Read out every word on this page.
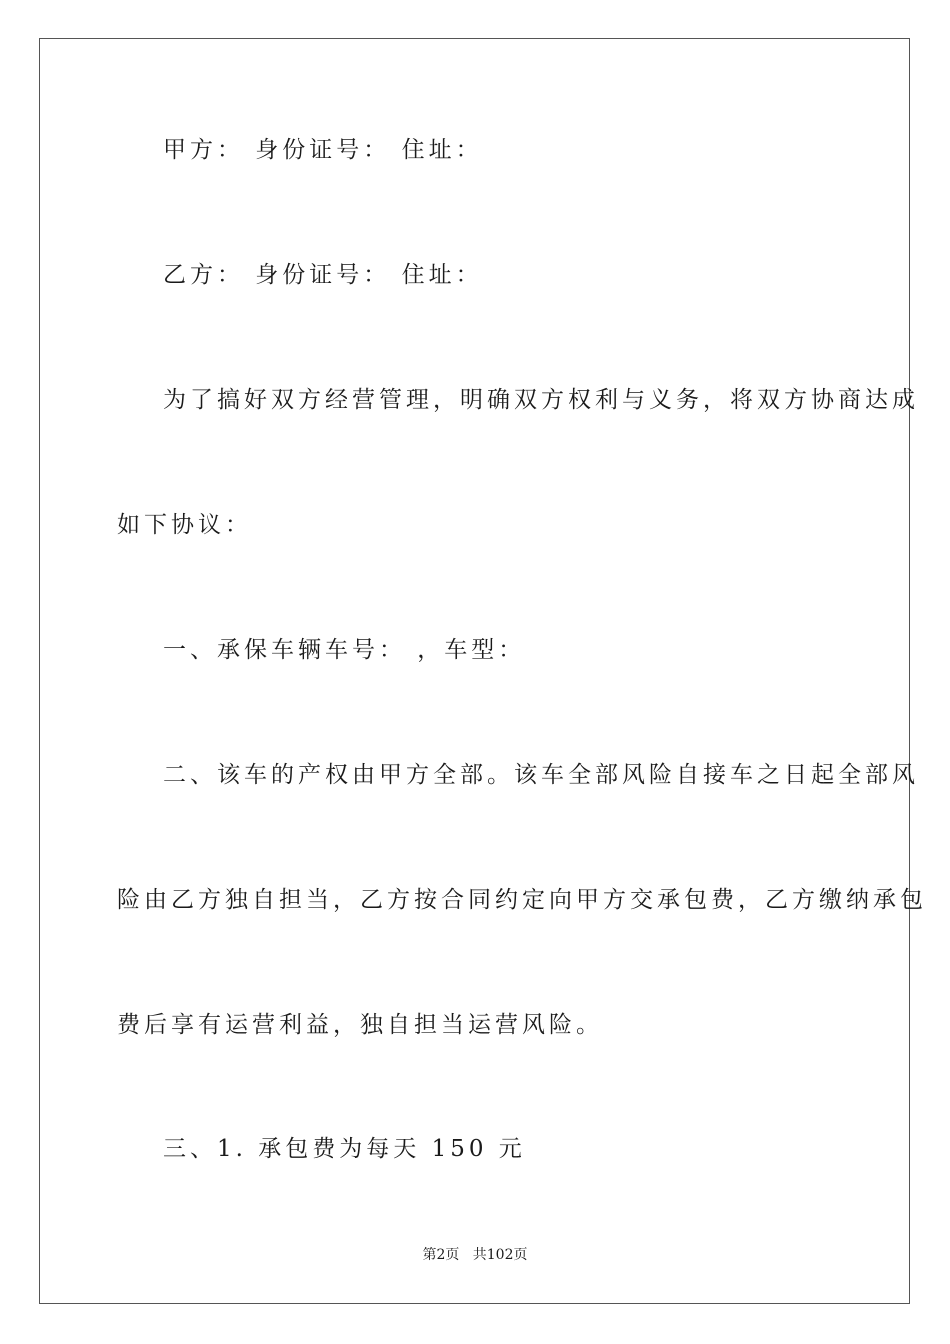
甲方： 身份证号： 住址：
乙方： 身份证号： 住址：
为了搞好双方经营管理，明确双方权利与义务，将双方协商达成
如下协议：
一、承保车辆车号： ，车型：
二、该车的产权由甲方全部。该车全部风险自接车之日起全部风
险由乙方独自担当，乙方按合同约定向甲方交承包费，乙方缴纳承包
费后享有运营利益，独自担当运营风险。
三、1. 承包费为每天 150 元
第2页   共102页
